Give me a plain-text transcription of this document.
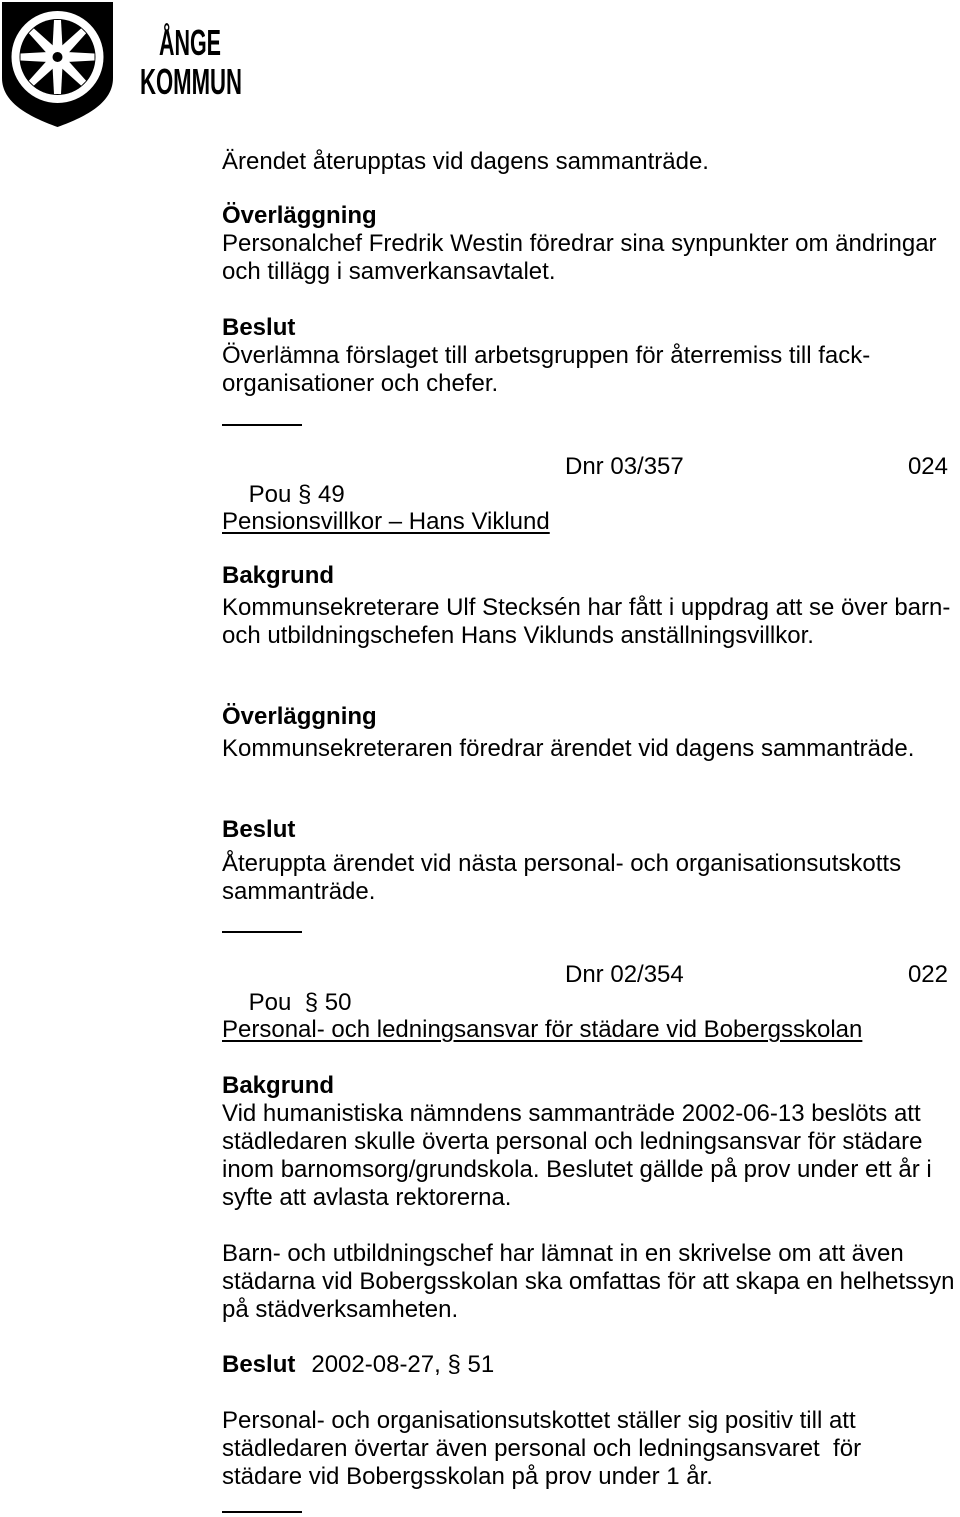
ÅNGE
KOMMUN
Ärendet återupptas vid dagens sammanträde.
Överläggning
Personalchef Fredrik Westin föredrar sina synpunkter om ändringar
och tillägg i samverkansavtalet.
Beslut
Överlämna förslaget till arbetsgruppen för återremiss till fack-
organisationer och chefer.

Pou § 49

Dnr 03/357

	024

Pensionsvillkor – Hans Viklund
Bakgrund
Kommunsekreterare Ulf Stecksén har fått i uppdrag att se över barn-
och utbildningschefen Hans Viklunds anställningsvillkor.
Överläggning
Kommunsekreteraren föredrar ärendet vid dagens sammanträde.
Beslut
Återuppta ärendet vid nästa personal- och organisationsutskotts
sammanträde.

Pou  § 50

Dnr 02/354

	022

Personal- och ledningsansvar för städare vid Bobergsskolan
Bakgrund
Vid humanistiska nämndens sammanträde 2002-06-13 beslöts att
städledaren skulle överta personal och ledningsansvar för städare
inom barnomsorg/grundskola. Beslutet gällde på prov under ett år i
syfte att avlasta rektorerna.
Barn- och utbildningschef har lämnat in en skrivelse om att även
städarna vid Bobergsskolan ska omfattas för att skapa en helhetssyn
på städverksamheten.
Beslut 2002-08-27, § 51
Personal- och organisationsutskottet ställer sig positiv till att
städledaren övertar även personal och ledningsansvaret  för
städare vid Bobergsskolan på prov under 1 år.
